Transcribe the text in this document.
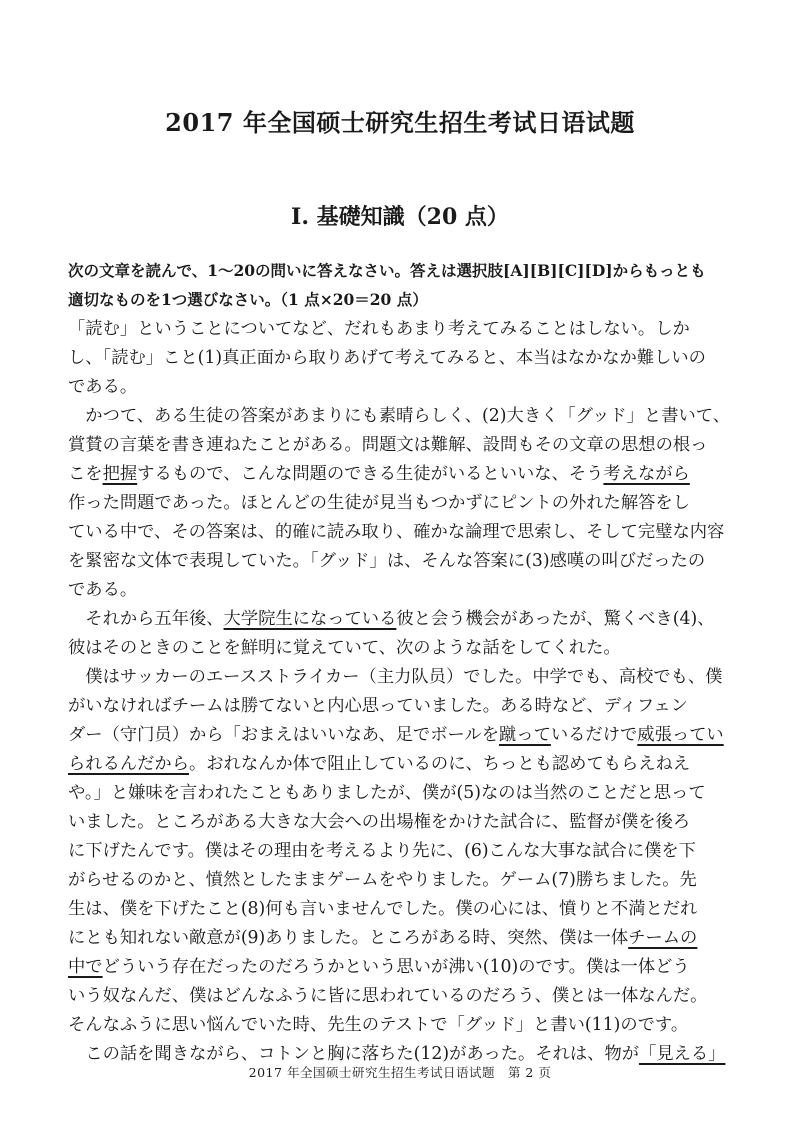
2017 年全国硕士研究生招生考试日语试题
Ⅰ. 基礎知識（20 点）
次の文章を読んで、1～20の問いに答えなさい。答えは選択肢[A][B][C][D]からもっとも
適切なものを1つ選びなさい。（1 点×20＝20 点）
「読む」ということについてなど、だれもあまり考えてみることはしない。しか
し、「読む」こと(1)真正面から取りあげて考えてみると、本当はなかなか難しいの
である。
　かつて、ある生徒の答案があまりにも素晴らしく、(2)大きく「グッド」と書いて、
賞賛の言葉を書き連ねたことがある。問題文は難解、設問もその文章の思想の根っ
こを把握するもので、こんな問題のできる生徒がいるといいな、そう考えながら
作った問題であった。ほとんどの生徒が見当もつかずにピントの外れた解答をし
ている中で、その答案は、的確に読み取り、確かな論理で思索し、そして完璧な内容
を緊密な文体で表現していた。「グッド」は、そんな答案に(3)感嘆の叫びだったの
である。
　それから五年後、大学院生になっている彼と会う機会があったが、驚くべき(4)、
彼はそのときのことを鮮明に覚えていて、次のような話をしてくれた。
　僕はサッカーのエースストライカー（主力队员）でした。中学でも、高校でも、僕
がいなければチームは勝てないと内心思っていました。ある時など、ディフェン
ダー（守门员）から「おまえはいいなあ、足でボールを蹴っているだけで威張ってい
られるんだから。おれなんか体で阻止しているのに、ちっとも認めてもらえねえ
や。」と嫌味を言われたこともありましたが、僕が(5)なのは当然のことだと思って
いました。ところがある大きな大会への出場権をかけた試合に、監督が僕を後ろ
に下げたんです。僕はその理由を考えるより先に、(6)こんな大事な試合に僕を下
がらせるのかと、憤然としたままゲームをやりました。ゲーム(7)勝ちました。先
生は、僕を下げたこと(8)何も言いませんでした。僕の心には、憤りと不満とだれ
にとも知れない敵意が(9)ありました。ところがある時、突然、僕は一体チームの
中でどういう存在だったのだろうかという思いが沸い(10)のです。僕は一体どう
いう奴なんだ、僕はどんなふうに皆に思われているのだろう、僕とは一体なんだ。
そんなふうに思い悩んでいた時、先生のテストで「グッド」と書い(11)のです。
　この話を聞きながら、コトンと胸に落ちた(12)があった。それは、物が「見える」
2017 年全国硕士研究生招生考试日语试题　第 2 页
